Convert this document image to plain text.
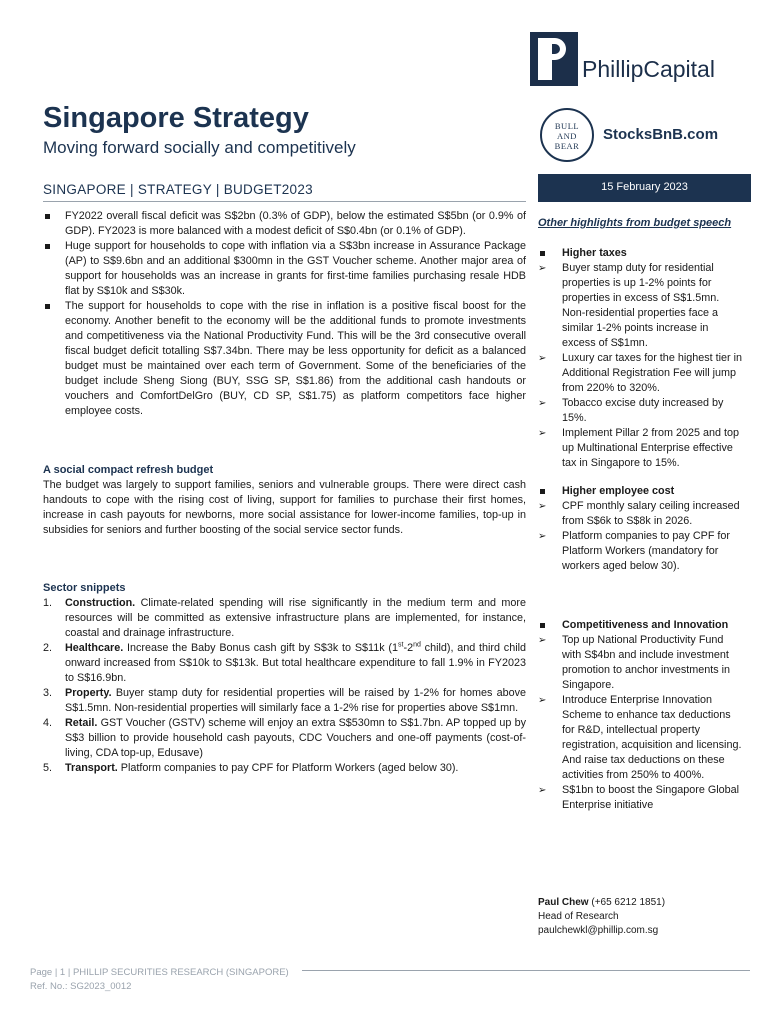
PhillipCapital
Singapore Strategy
Moving forward socially and competitively
BULL
AND
BEAR
StocksBnB.com
SINGAPORE | STRATEGY | BUDGET2023	15 February 2023
FY2022 overall fiscal deficit was S$2bn (0.3% of GDP), below the estimated S$5bn (or 0.9% of GDP). FY2023 is more balanced with a modest deficit of S$0.4bn (or 0.1% of GDP).
Huge support for households to cope with inflation via a S$3bn increase in Assurance Package (AP) to S$9.6bn and an additional $300mn in the GST Voucher scheme. Another major area of support for households was an increase in grants for first-time families purchasing resale HDB flat by S$10k and S$30k.
The support for households to cope with the rise in inflation is a positive fiscal boost for the economy. Another benefit to the economy will be the additional funds to promote investments and competitiveness via the National Productivity Fund. This will be the 3rd consecutive overall fiscal budget deficit totalling S$7.34bn. There may be less opportunity for deficit as a balanced budget must be maintained over each term of Government. Some of the beneficiaries of the budget include Sheng Siong (BUY, SSG SP, S$1.86) from the additional cash handouts or vouchers and ComfortDelGro (BUY, CD SP, S$1.75) as platform competitors face higher employee costs.
A social compact refresh budget
The budget was largely to support families, seniors and vulnerable groups. There were direct cash handouts to cope with the rising cost of living, support for families to purchase their first homes, increase in cash payouts for newborns, more social assistance for lower-income families, top-up in subsidies for seniors and further boosting of the social service sector funds.
Sector snippets
1. Construction. Climate-related spending will rise significantly in the medium term and more resources will be committed as extensive infrastructure plans are implemented, for instance, coastal and drainage infrastructure.
2. Healthcare. Increase the Baby Bonus cash gift by S$3k to S$11k (1st-2nd child), and third child onward increased from S$10k to S$13k. But total healthcare expenditure to fall 1.9% in FY2023 to S$16.9bn.
3. Property. Buyer stamp duty for residential properties will be raised by 1-2% for homes above S$1.5mn. Non-residential properties will similarly face a 1-2% rise for properties above S$1mn.
4. Retail. GST Voucher (GSTV) scheme will enjoy an extra S$530mn to S$1.7bn. AP topped up by S$3 billion to provide household cash payouts, CDC Vouchers and one-off payments (cost-of-living, CDA top-up, Edusave)
5. Transport. Platform companies to pay CPF for Platform Workers (aged below 30).
Other highlights from budget speech
Higher taxes
➢ Buyer stamp duty for residential properties is up 1-2% points for properties in excess of S$1.5mn. Non-residential properties face a similar 1-2% points increase in excess of S$1mn.
➢ Luxury car taxes for the highest tier in Additional Registration Fee will jump from 220% to 320%.
➢ Tobacco excise duty increased by 15%.
➢ Implement Pillar 2 from 2025 and top up Multinational Enterprise effective tax in Singapore to 15%.
Higher employee cost
➢ CPF monthly salary ceiling increased from S$6k to S$8k in 2026.
➢ Platform companies to pay CPF for Platform Workers (mandatory for workers aged below 30).
Competitiveness and Innovation
➢ Top up National Productivity Fund with S$4bn and include investment promotion to anchor investments in Singapore.
➢ Introduce Enterprise Innovation Scheme to enhance tax deductions for R&D, intellectual property registration, acquisition and licensing. And raise tax deductions on these activities from 250% to 400%.
➢ S$1bn to boost the Singapore Global Enterprise initiative
Paul Chew (+65 6212 1851)
Head of Research
paulchewkl@phillip.com.sg
Page | 1 | PHILLIP SECURITIES RESEARCH (SINGAPORE)
Ref. No.: SG2023_0012
